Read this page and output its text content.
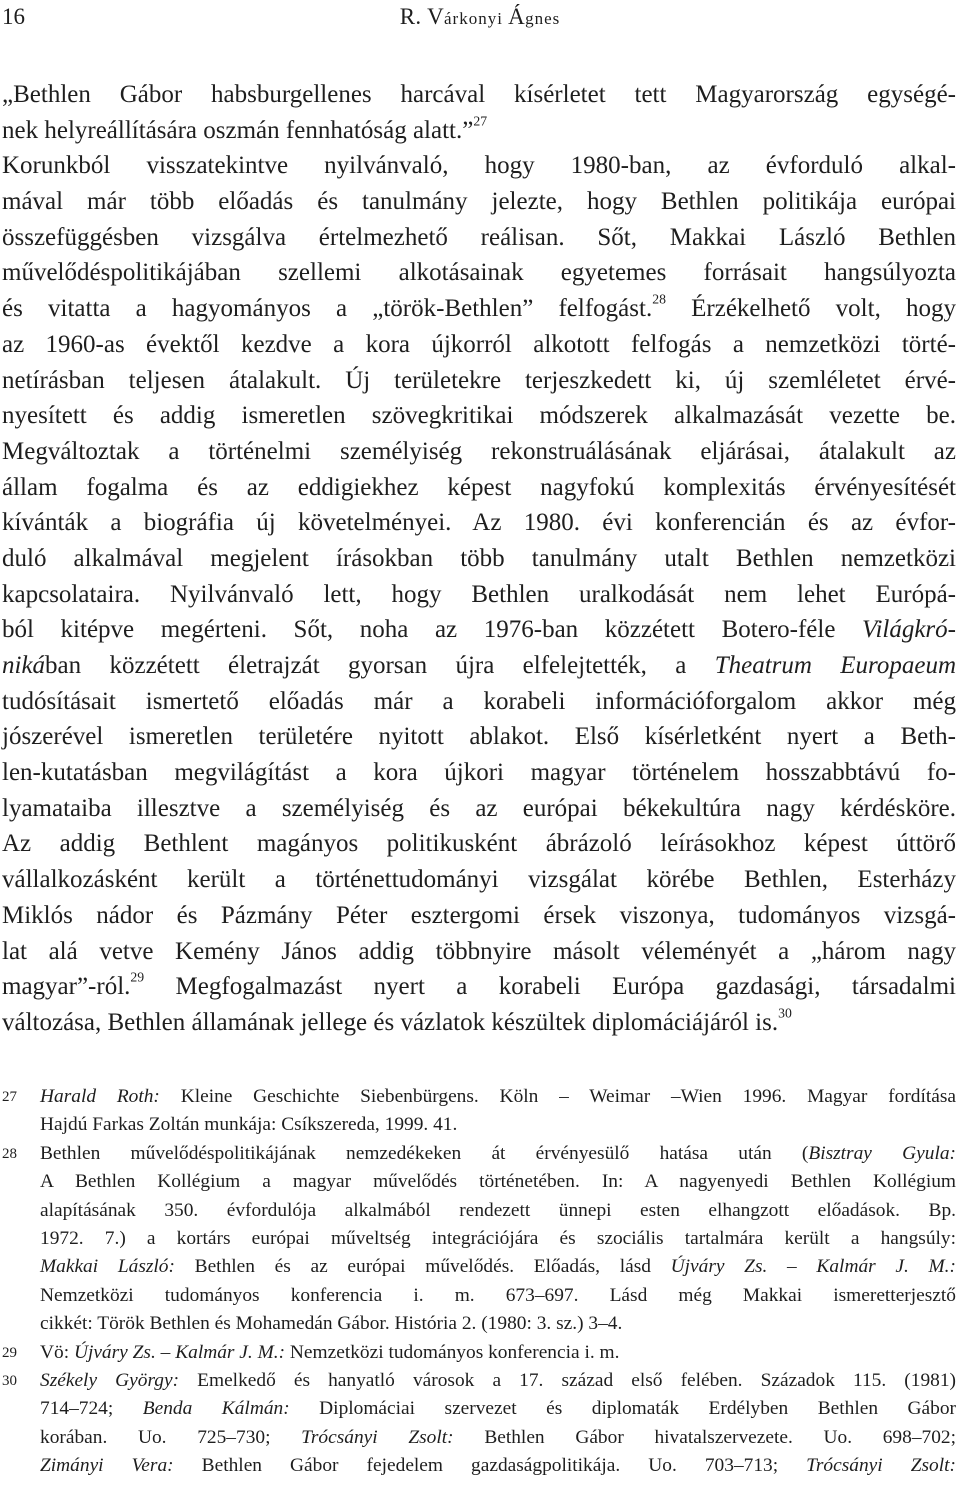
16	R. Várkonyi Ágnes
„Bethlen Gábor habsburgellenes harcával kísérletet tett Magyarország egységé-
nek helyreállítására oszmán fennhatóság alatt.”$^{27}$
Korunkból visszatekintve nyilvánvaló, hogy 1980-ban, az évforduló alkal-
mával már több előadás és tanulmány jelezte, hogy Bethlen politikája európai
összefüggésben vizsgálva értelmezhető reálisan. Sőt, Makkai László Bethlen
művelődéspolitikájában szellemi alkotásainak egyetemes forrásait hangsúlyozta
és vitatta a hagyományos a „török-Bethlen” felfogást.$^{28}$ Érzékelhető volt, hogy
az 1960-as évektől kezdve a kora újkorról alkotott felfogás a nemzetközi törté-
netírásban teljesen átalakult. Új területekre terjeszkedett ki, új szemléletet érvé-
nyesített és addig ismeretlen szövegkritikai módszerek alkalmazását vezette be.
Megváltoztak a történelmi személyiség rekonstruálásának eljárásai, átalakult az
állam fogalma és az eddigiekhez képest nagyfokú komplexitás érvényesítését
kívánták a biográfia új követelményei. Az 1980. évi konferencián és az évfor-
duló alkalmával megjelent írásokban több tanulmány utalt Bethlen nemzetközi
kapcsolataira. Nyilvánvaló lett, hogy Bethlen uralkodását nem lehet Európá-
ból kitépve megérteni. Sőt, noha az 1976-ban közzétett Botero-féle Világkró-
nikában közzétett életrajzát gyorsan újra elfelejtették, a Theatrum Europaeum
tudósításait ismertető előadás már a korabeli információforgalom akkor még
jószerével ismeretlen területére nyitott ablakot. Első kísérletként nyert a Beth-
len-kutatásban megvilágítást a kora újkori magyar történelem hosszabbtávú fo-
lyamataiba illesztve a személyiség és az európai békekultúra nagy kérdésköre.
Az addig Bethlent magányos politikusként ábrázoló leírásokhoz képest úttörő
vállalkozásként került a történettudományi vizsgálat körébe Bethlen, Esterházy
Miklós nádor és Pázmány Péter esztergomi érsek viszonya, tudományos vizsgá-
lat alá vetve Kemény János addig többnyire másolt véleményét a „három nagy
magyar”-ról.$^{29}$ Megfogalmazást nyert a korabeli Európa gazdasági, társadalmi
változása, Bethlen államának jellege és vázlatok készültek diplomáciájáról is.$^{30}$
27 Harald Roth: Kleine Geschichte Siebenbürgens. Köln – Weimar –Wien 1996. Magyar fordítása
Hajdú Farkas Zoltán munkája: Csíkszereda, 1999. 41.
28 Bethlen művelődéspolitikájának nemzedékeken át érvényesülő hatása után (Bisztray Gyula:
A Bethlen Kollégium a magyar művelődés történetében. In: A nagyenyedi Bethlen Kollégium
alapításának 350. évfordulója alkalmából rendezett ünnepi esten elhangzott előadások. Bp.
1972. 7.) a kortárs európai műveltség integrációjára és szociális tartalmára került a hangsúly:
Makkai László: Bethlen és az európai művelődés. Előadás, lásd Újváry Zs. – Kalmár J. M.:
Nemzetközi tudományos konferencia i. m. 673–697. Lásd még Makkai ismeretterjesztő
cikkét: Török Bethlen és Mohamedán Gábor. História 2. (1980: 3. sz.) 3–4.
29 Vö: Újváry Zs. – Kalmár J. M.: Nemzetközi tudományos konferencia i. m.
30 Székely György: Emelkedő és hanyatló városok a 17. század első felében. Századok 115. (1981)
714–724; Benda Kálmán: Diplomáciai szervezet és diplomaták Erdélyben Bethlen Gábor
korában. Uo. 725–730; Trócsányi Zsolt: Bethlen Gábor hivatalszervezete. Uo. 698–702;
Zimányi Vera: Bethlen Gábor fejedelem gazdaságpolitikája. Uo. 703–713; Trócsányi Zsolt:
